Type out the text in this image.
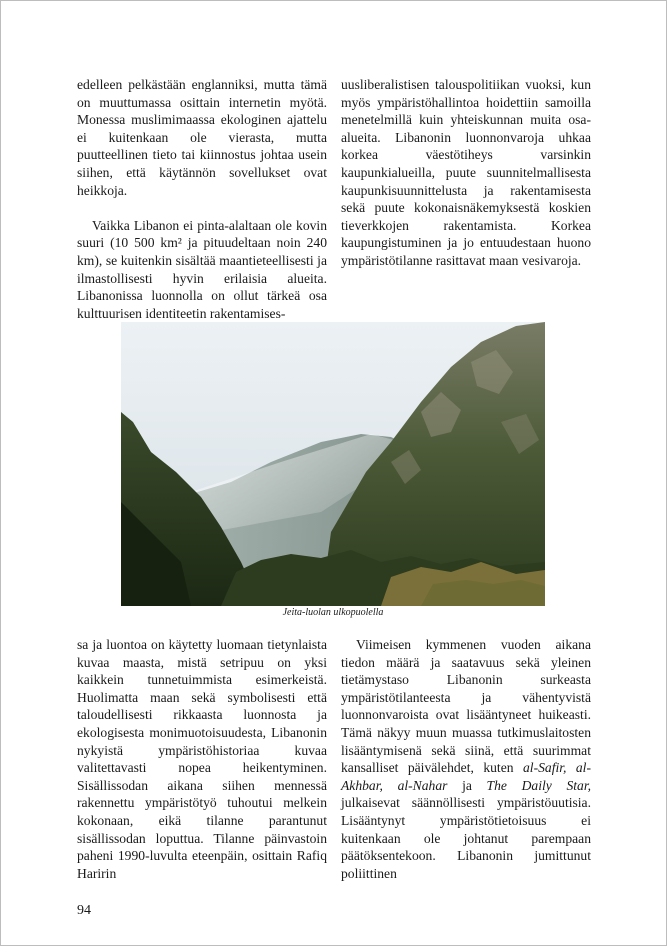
edelleen pelkästään englanniksi, mutta tämä on muuttumassa osittain internetin myötä. Monessa muslimimaassa ekologinen ajattelu ei kuitenkaan ole vierasta, mutta puutteellinen tieto tai kiinnostus johtaa usein siihen, että käytännön sovellukset ovat heikkoja.

Vaikka Libanon ei pinta-alaltaan ole kovin suuri (10 500 km² ja pituudeltaan noin 240 km), se kuitenkin sisältää maantieteellisesti ja ilmastollisesti hyvin erilaisia alueita. Libanonissa luonnolla on ollut tärkeä osa kulttuurisen identiteetin rakentamises-

uusliberalistisen talouspolitiikan vuoksi, kun myös ympäristöhallintoa hoidettiin samoilla menetelmillä kuin yhteiskunnan muita osa-alueita. Libanonin luonnonvaroja uhkaa korkea väestötiheys varsinkin kaupunkialueilla, puute suunnitelmallisesta kaupunkisuunnittelusta ja rakentamisesta sekä puute kokonaisnäkemyksestä koskien tieverkkojen rakentamista. Korkea kaupungistuminen ja jo entuudestaan huono ympäristötilanne rasittavat maan vesivaroja.

Jeita-luolan ulkopuolella

sa ja luontoa on käytetty luomaan tietynlaista kuvaa maasta, mistä setripuu on yksi kaikkein tunnetuimmista esimerkeistä. Huolimatta maan sekä symbolisesti että taloudellisesti rikkaasta luonnosta ja ekologisesta monimuotoisuudesta, Libanonin nykyistä ympäristöhistoriaa kuvaa valitettavasti nopea heikentyminen. Sisällissodan aikana siihen mennessä rakennettu ympäristötyö tuhoutui melkein kokonaan, eikä tilanne parantunut sisällissodan loputtua. Tilanne päinvastoin paheni 1990-luvulta eteenpäin, osittain Rafiq Haririn

Viimeisen kymmenen vuoden aikana tiedon määrä ja saatavuus sekä yleinen tietämystaso Libanonin surkeasta ympäristötilanteesta ja vähentyvistä luonnonvaroista ovat lisääntyneet huikeasti. Tämä näkyy muun muassa tutkimuslaitosten lisääntymisenä sekä siinä, että suurimmat kansalliset päivälehdet, kuten al-Safir, al-Akhbar, al-Nahar ja The Daily Star, julkaisevat säännöllisesti ympäristöuutisia. Lisääntynyt ympäristötietoisuus ei kuitenkaan ole johtanut parempaan päätöksentekoon. Libanonin jumittunut poliittinen

94
